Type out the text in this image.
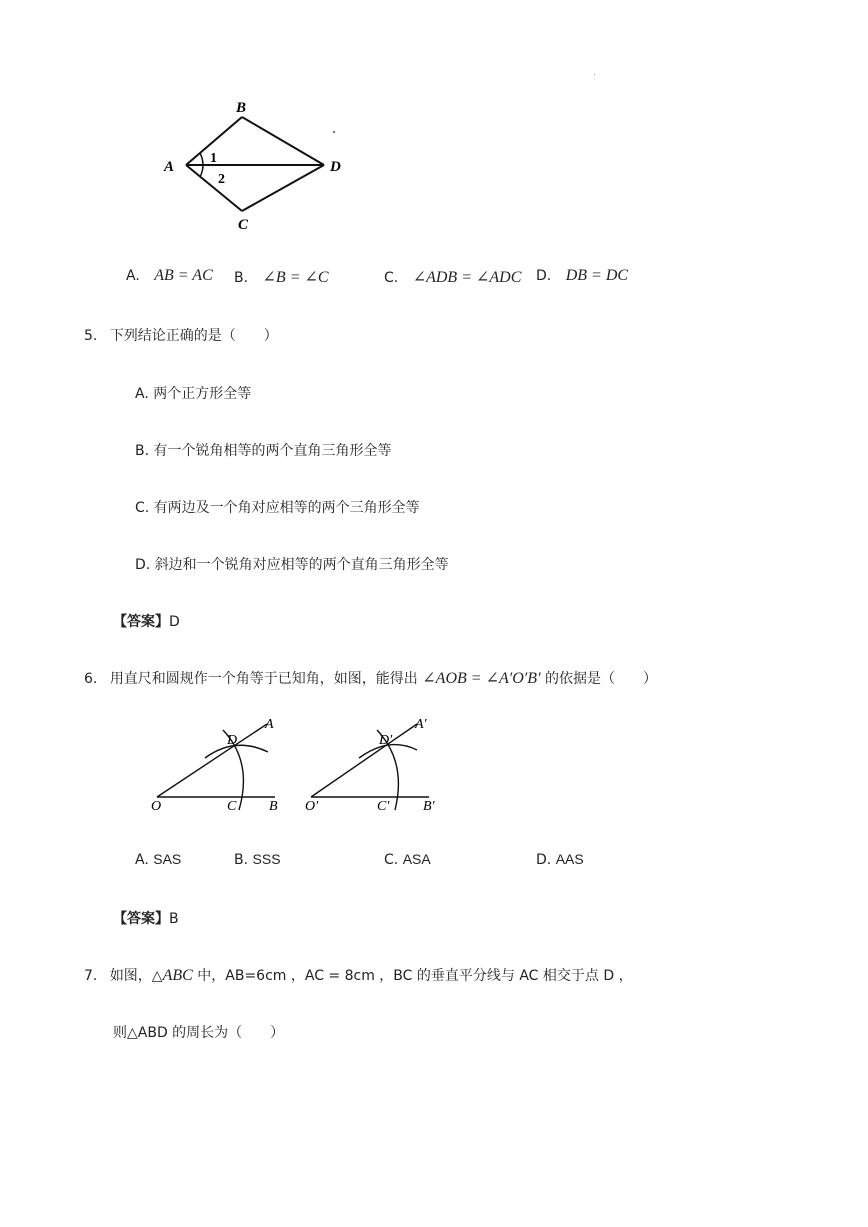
B
A	D
C
1
2
A. AB = AC B. ∠B = ∠C	C. ∠ADB = ∠ADC D. DB = DC
5. 下列结论正确的是（　　）
A. 两个正方形全等
B. 有一个锐角相等的两个直角三角形全等
C. 有两边及一个角对应相等的两个三角形全等
D. 斜边和一个锐角对应相等的两个直角三角形全等
【答案】D
6. 用直尺和圆规作一个角等于已知角，如图，能得出 ∠AOB = ∠A′O′B′ 的依据是（　　）
O	C B
D
A
O′	C′ B′
D′
A′
A. SAS	B. SSS	C. ASA	D. AAS
【答案】B
7. 如图，△ABC 中，AB=6cm ，AC = 8cm ，BC 的垂直平分线与 AC 相交于点 D ，
则△ABD 的周长为（　　）
